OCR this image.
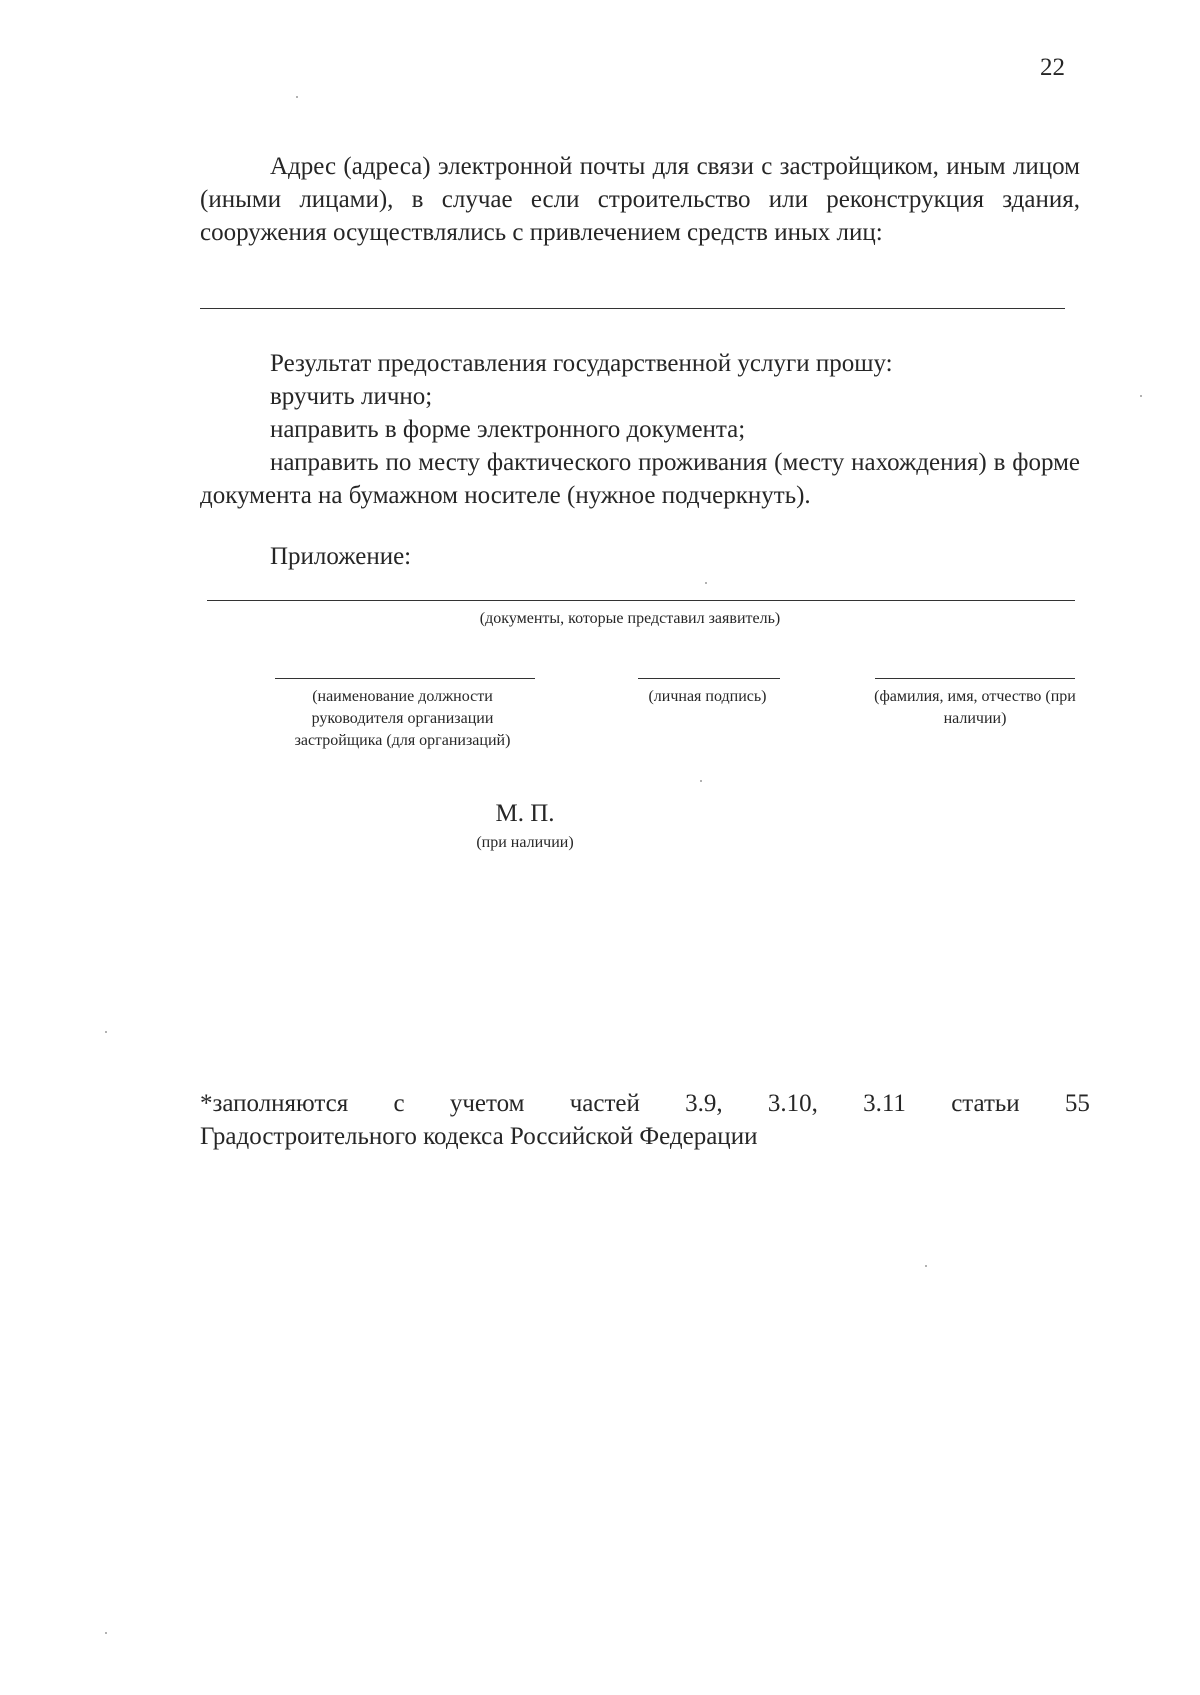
22

Адрес (адреса) электронной почты для связи с застройщиком, иным лицом (иными лицами), в случае если строительство или реконструкция здания, сооружения осуществлялись с привлечением средств иных лиц:

Результат предоставления государственной услуги прошу:
вручить лично;
направить в форме электронного документа;

направить по месту фактического проживания (месту нахождения) в форме документа на бумажном носителе (нужное подчеркнуть).

Приложение:
(документы, которые представил заявитель)
(наименование должности руководителя организации застройщика (для организаций)
(личная подпись)	(фамилия, имя, отчество (при наличии)
М. П.
(при наличии)
*заполняются с учетом частей 3.9, 3.10, 3.11 статьи 55
Градостроительного кодекса Российской Федерации
